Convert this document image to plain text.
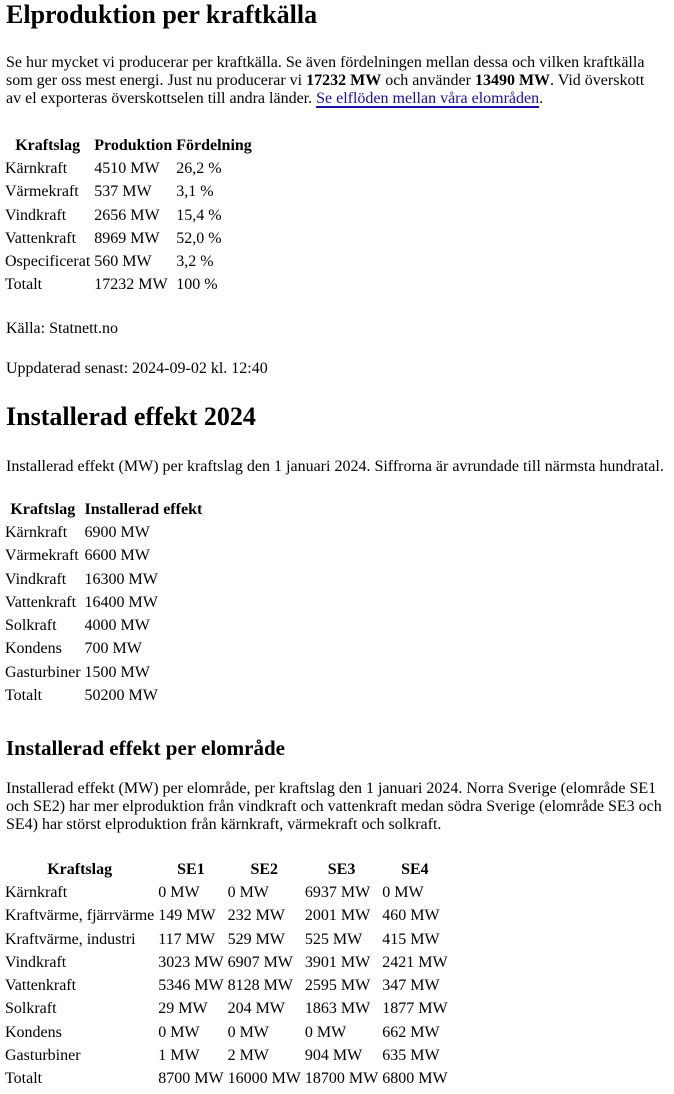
Elproduktion per kraftkälla

Se hur mycket vi producerar per kraftkälla. Se även fördelningen mellan dessa och vilken kraftkälla som ger oss mest energi. Just nu producerar vi 17232 MW och använder 13490 MW. Vid överskott av el exporteras överskottselen till andra länder. Se elflöden mellan våra elområden.

Kraftslag	Produktion	Fördelning
Kärnkraft	4510 MW	26,2 %
Värmekraft	537 MW	3,1 %
Vindkraft	2656 MW	15,4 %
Vattenkraft	8969 MW	52,0 %
Ospecificerat	560 MW	3,2 %
Totalt	17232 MW	100 %

Källa: Statnett.no

Uppdaterad senast: 2024-09-02 kl. 12:40

Installerad effekt 2024

Installerad effekt (MW) per kraftslag den 1 januari 2024. Siffrorna är avrundade till närmsta hundratal.

Kraftslag	Installerad effekt
Kärnkraft	6900 MW
Värmekraft	6600 MW
Vindkraft	16300 MW
Vattenkraft	16400 MW
Solkraft	4000 MW
Kondens	700 MW
Gasturbiner	1500 MW
Totalt	50200 MW
Installerad effekt per elområde

Installerad effekt (MW) per elområde, per kraftslag den 1 januari 2024. Norra Sverige (elområde SE1 och SE2) har mer elproduktion från vindkraft och vattenkraft medan södra Sverige (elområde SE3 och SE4) har störst elproduktion från kärnkraft, värmekraft och solkraft.

Kraftslag	SE1	SE2	SE3	SE4
Kärnkraft	0 MW	0 MW	6937 MW	0 MW
Kraftvärme, fjärrvärme	149 MW	232 MW	2001 MW	460 MW
Kraftvärme, industri	117 MW	529 MW	525 MW	415 MW
Vindkraft	3023 MW	6907 MW	3901 MW	2421 MW
Vattenkraft	5346 MW	8128 MW	2595 MW	347 MW
Solkraft	29 MW	204 MW	1863 MW	1877 MW
Kondens	0 MW	0 MW	0 MW	662 MW
Gasturbiner	1 MW	2 MW	904 MW	635 MW
Totalt	8700 MW	16000 MW	18700 MW	6800 MW
